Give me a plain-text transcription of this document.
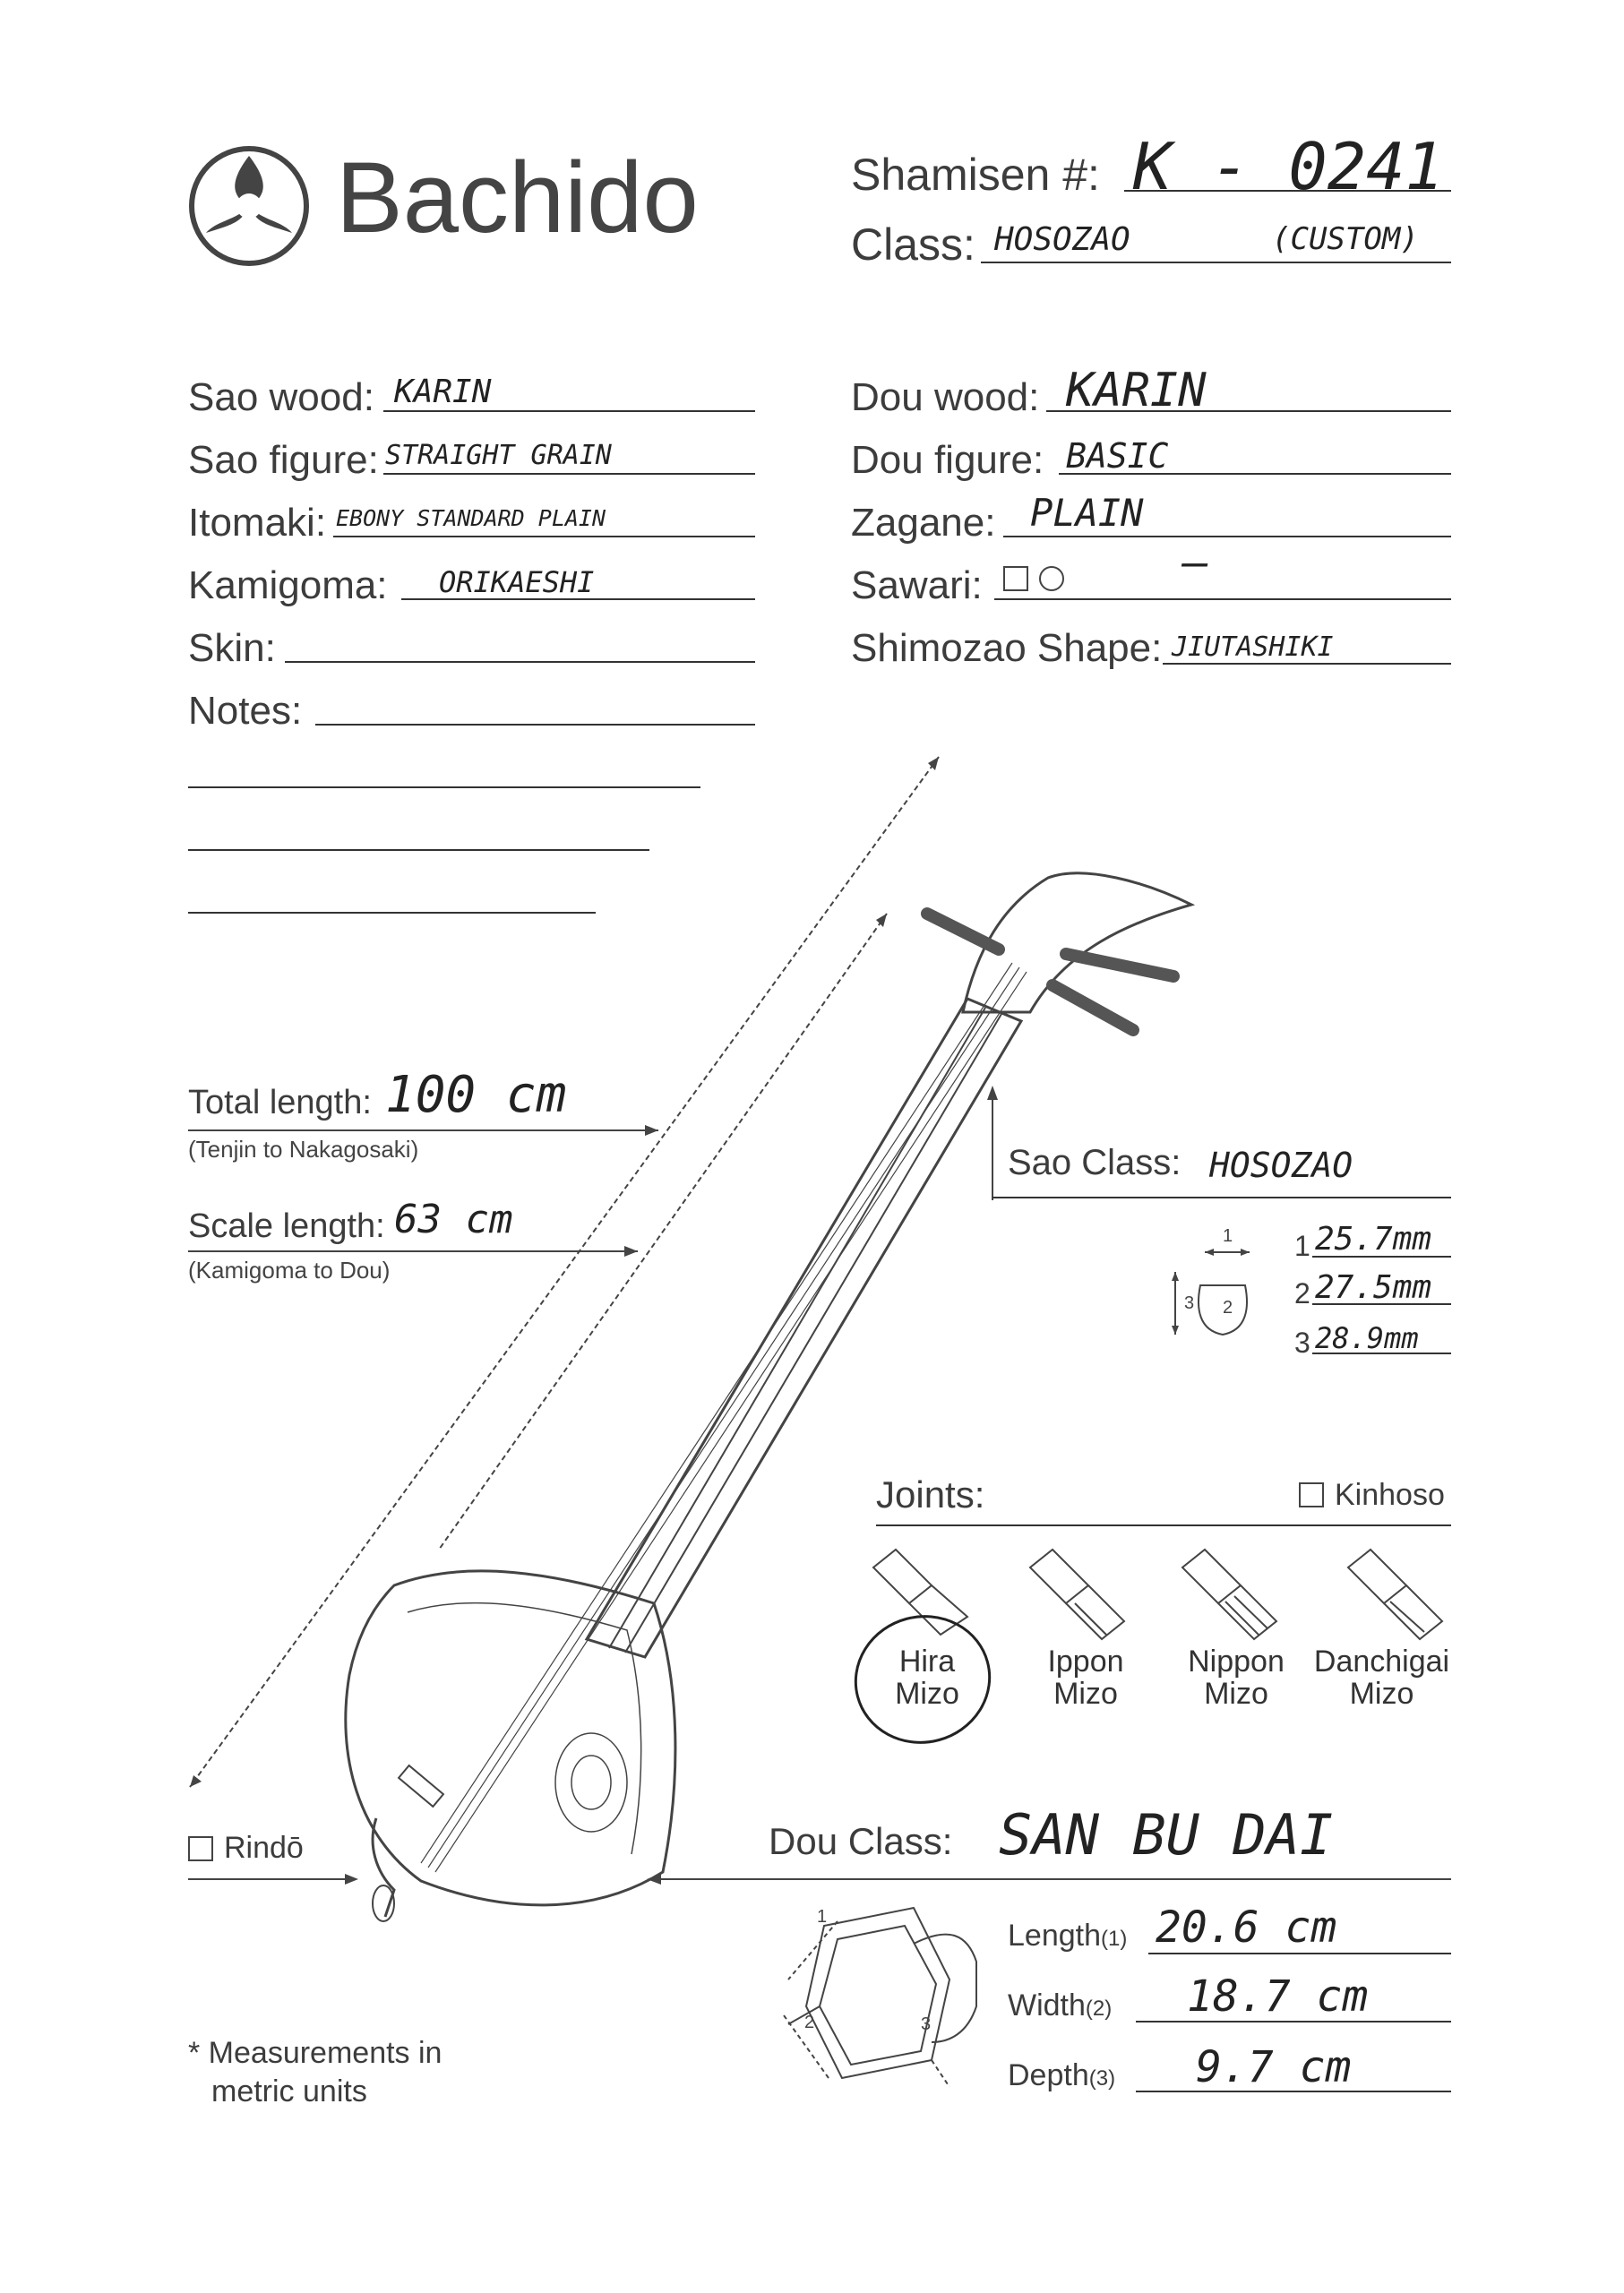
Bachido	Shamisen #: K - 0241
Class: HOSOZAO	(CUSTOM)
Sao wood: KARIN
Sao figure: STRAIGHT GRAIN
Itomaki: EBONY STANDARD PLAIN
Kamigoma: ORIKAESHI
Skin:
Notes:
Dou wood: KARIN
Dou figure: BASIC
Zagane: PLAIN
Sawari:	—
Shimozao Shape: JIUTASHIKI
Total length: 100 cm
(Tenjin to Nakagosaki)
Scale length: 63 cm
(Kamigoma to Dou)
Sao Class: HOSOZAO
1
2
3
1 25.7mm
2 27.5mm
3 28.9mm
Joints:	Kinhoso
Hira
Mizo
Ippon
Mizo
Nippon
Mizo
Danchigai
Mizo
Rindō	Dou Class: SAN BU DAI
1
2	3
Length(1) 20.6 cm
Width(2) 18.7 cm
Depth(3) 9.7 cm
* Measurements in
metric units
